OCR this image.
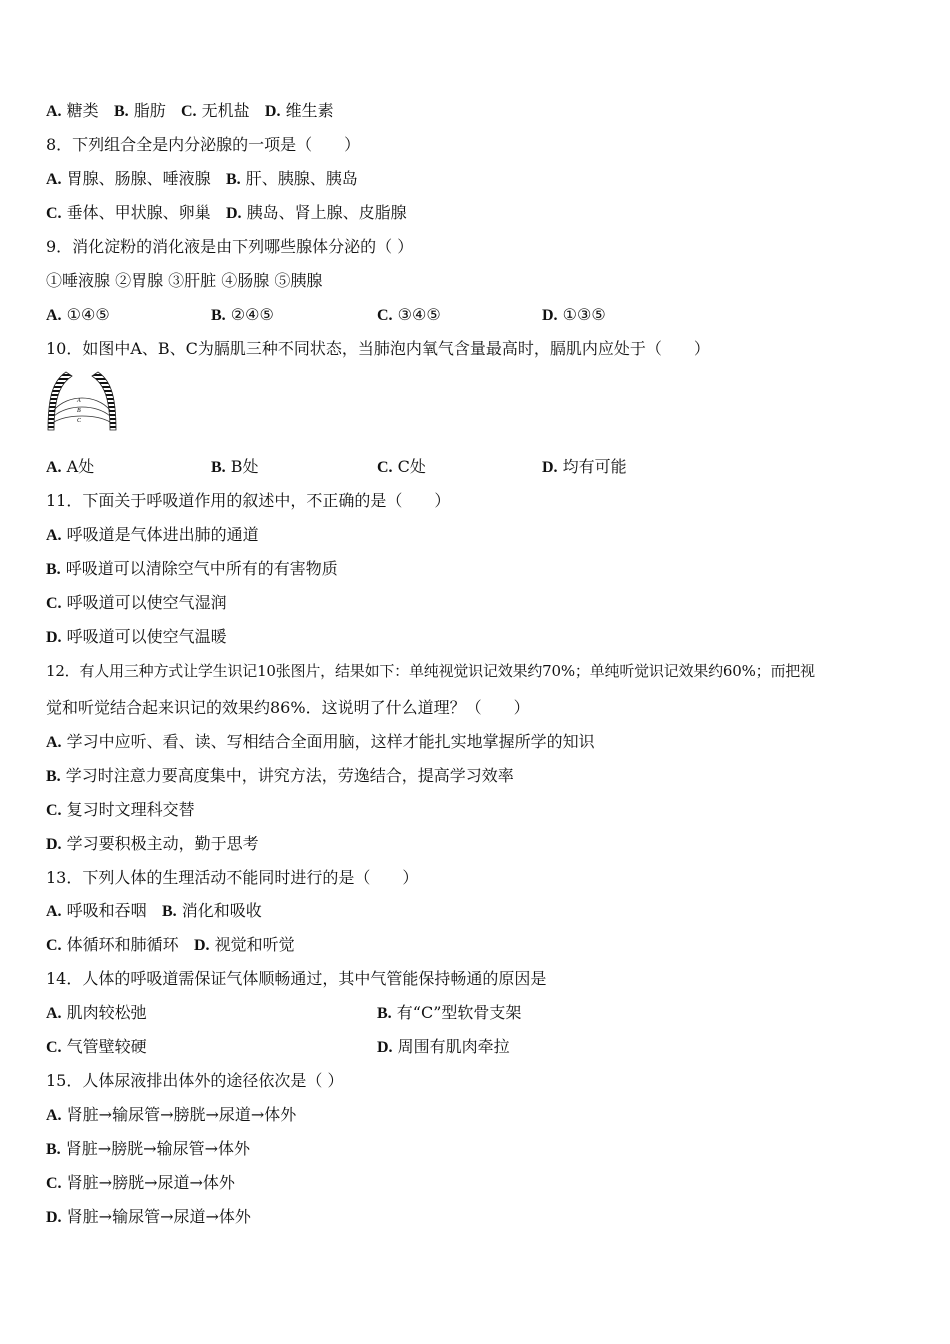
A. 糖类 B. 脂肪 C. 无机盐 D. 维生素
8．下列组合全是内分泌腺的一项是（　　）
A. 胃腺、肠腺、唾液腺 B. 肝、胰腺、胰岛
C. 垂体、甲状腺、卵巢 D. 胰岛、肾上腺、皮脂腺
9．消化淀粉的消化液是由下列哪些腺体分泌的（ ）
①唾液腺 ②胃腺 ③肝脏 ④肠腺 ⑤胰腺
A. ①④⑤	B. ②④⑤	C. ③④⑤	D. ①③⑤
10．如图中A、B、C为膈肌三种不同状态，当肺泡内氧气含量最高时，膈肌内应处于（　　）
A
B
C
A. A处	B. B处	C. C处	D. 均有可能
11．下面关于呼吸道作用的叙述中，不正确的是（　　）
A. 呼吸道是气体进出肺的通道
B. 呼吸道可以清除空气中所有的有害物质
C. 呼吸道可以使空气湿润
D. 呼吸道可以使空气温暖
12．有人用三种方式让学生识记10张图片，结果如下：单纯视觉识记效果约70%；单纯听觉识记效果约60%；而把视
觉和听觉结合起来识记的效果约86%．这说明了什么道理？（　　）
A. 学习中应听、看、读、写相结合全面用脑，这样才能扎实地掌握所学的知识
B. 学习时注意力要高度集中，讲究方法，劳逸结合，提高学习效率
C. 复习时文理科交替
D. 学习要积极主动，勤于思考
13．下列人体的生理活动不能同时进行的是（　　）
A. 呼吸和吞咽 B. 消化和吸收
C. 体循环和肺循环 D. 视觉和听觉
14．人体的呼吸道需保证气体顺畅通过，其中气管能保持畅通的原因是
A. 肌肉较松弛	B. 有“C”型软骨支架
C. 气管壁较硬	D. 周围有肌肉牵拉
15．人体尿液排出体外的途径依次是（ ）
A. 肾脏→输尿管→膀胱→尿道→体外
B. 肾脏→膀胱→输尿管→体外
C. 肾脏→膀胱→尿道→体外
D. 肾脏→输尿管→尿道→体外
